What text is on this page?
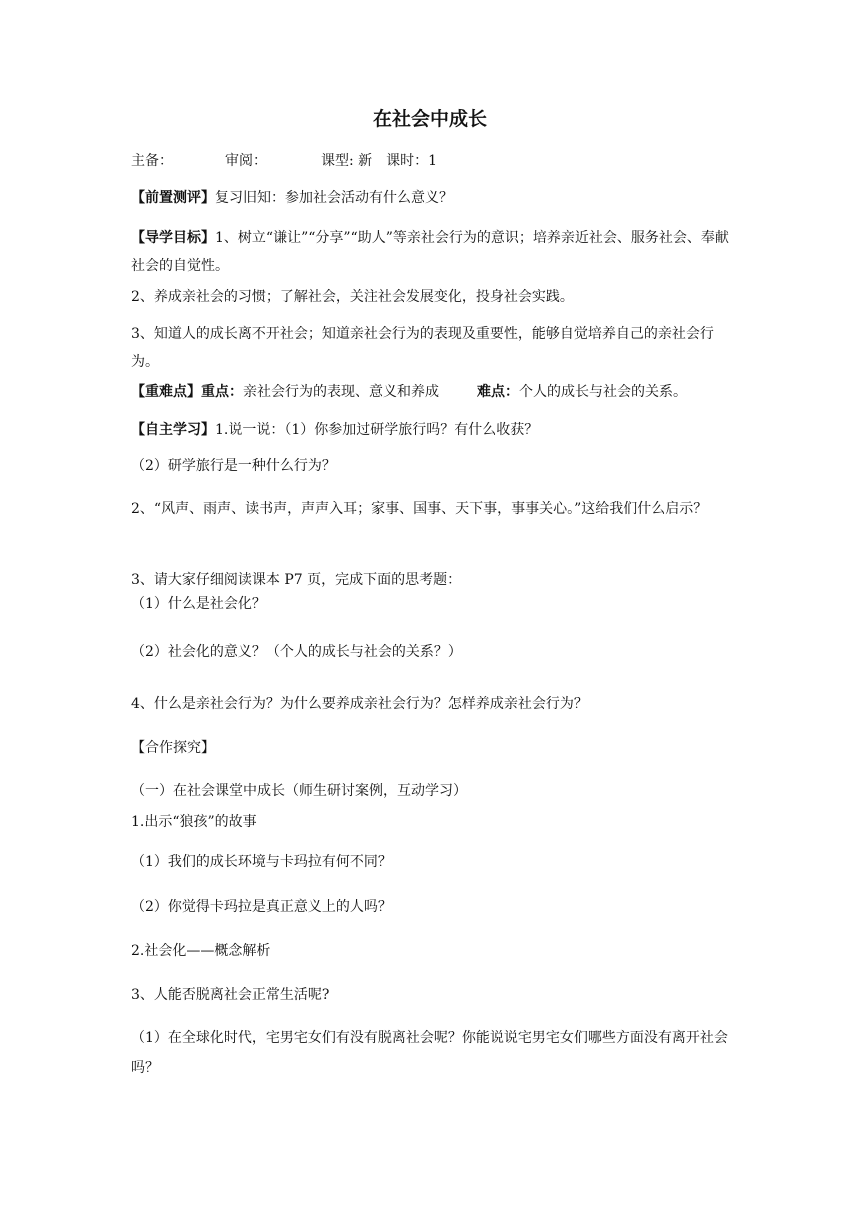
在社会中成长
主备：	审阅：	课型: 新 课时：1
【前置测评】复习旧知：参加社会活动有什么意义？
【导学目标】1、树立“谦让”“分享”“助人”等亲社会行为的意识；培养亲近社会、服务社会、奉献社会的自觉性。
2、养成亲社会的习惯；了解社会，关注社会发展变化，投身社会实践。
3、知道人的成长离不开社会；知道亲社会行为的表现及重要性，能够自觉培养自己的亲社会行为。
【重难点】重点：亲社会行为的表现、意义和养成	难点：个人的成长与社会的关系。
【自主学习】1.说一说：（1）你参加过研学旅行吗？有什么收获？
（2）研学旅行是一种什么行为？
2、“风声、雨声、读书声，声声入耳；家事、国事、天下事，事事关心。”这给我们什么启示？
3、请大家仔细阅读课本 P7 页，完成下面的思考题：
（1）什么是社会化？
（2）社会化的意义？（个人的成长与社会的关系？）
4、什么是亲社会行为？为什么要养成亲社会行为？怎样养成亲社会行为？
【合作探究】
（一）在社会课堂中成长（师生研讨案例，互动学习）
1.出示“狼孩”的故事
（1）我们的成长环境与卡玛拉有何不同？
（2）你觉得卡玛拉是真正意义上的人吗？
2.社会化——概念解析
3、人能否脱离社会正常生活呢?
（1）在全球化时代，宅男宅女们有没有脱离社会呢？你能说说宅男宅女们哪些方面没有离开社会吗？
